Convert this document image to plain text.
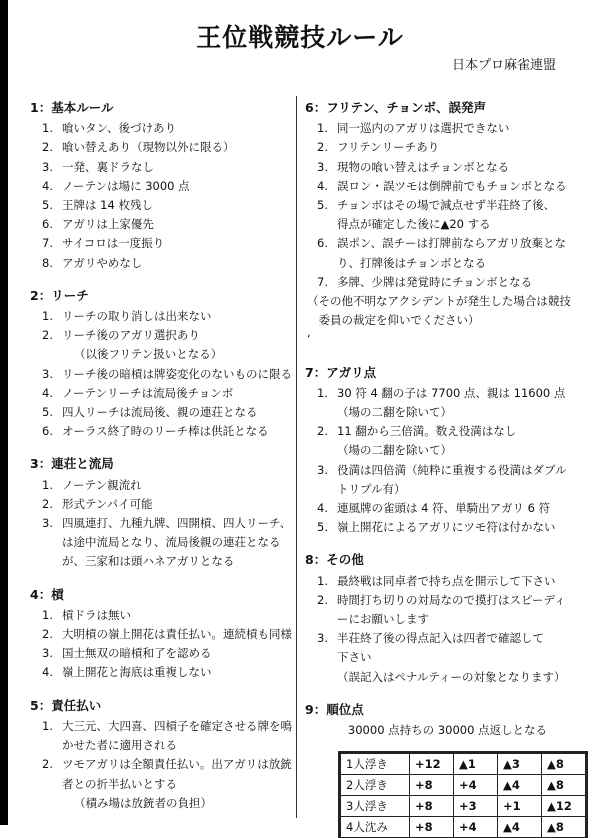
王位戦競技ルール
日本プロ麻雀連盟
1：基本ルール
1. 喰いタン、後づけあり
2. 喰い替えあり（現物以外に限る）
3. 一発、裏ドラなし
4. ノーテンは場に 3000 点
5. 王牌は 14 枚残し
6. アガリは上家優先
7. サイコロは一度振り
8. アガリやめなし
2：リーチ
1. リーチの取り消しは出来ない
2. リーチ後のアガリ選択あり
（以後フリテン扱いとなる）
3. リーチ後の暗槓は牌姿変化のないものに限る
4. ノーテンリーチは流局後チョンボ
5. 四人リーチは流局後、親の連荘となる
6. オーラス終了時のリーチ棒は供託となる
3：連荘と流局
1. ノーテン親流れ
2. 形式テンパイ可能
3. 四風連打、九種九牌、四開槓、四人リーチ、
は途中流局となり、流局後親の連荘となる
が、三家和は頭ハネアガリとなる
4：槓
1. 槓ドラは無い
2. 大明槓の嶺上開花は責任払い。連続槓も同様
3. 国士無双の暗槓和了を認める
4. 嶺上開花と海底は重複しない
5：責任払い
1. 大三元、大四喜、四槓子を確定させる牌を鳴
かせた者に適用される
2. ツモアガリは全額責任払い。出アガリは放銃
者との折半払いとする
（積み場は放銃者の負担）
6：フリテン、チョンボ、誤発声
1. 同一巡内のアガリは選択できない
2. フリテンリーチあり
3. 現物の喰い替えはチョンボとなる
4. 誤ロン・誤ツモは倒牌前でもチョンボとなる
5. チョンボはその場で減点せず半荘終了後、
得点が確定した後に▲20 する
6. 誤ポン、誤チーは打牌前ならアガリ放棄とな
り、打牌後はチョンボとなる
7. 多牌、少牌は発覚時にチョンボとなる
（その他不明なアクシデントが発生した場合は競技
　委員の裁定を仰いでください）
‘
7：アガリ点
1. 30 符 4 翻の子は 7700 点、親は 11600 点
（場の二翻を除いて）
2. 11 翻から三倍満。数え役満はなし
（場の二翻を除いて）
3. 役満は四倍満（純粋に重複する役満はダブル
トリプル有）
4. 連風牌の雀頭は 4 符、単騎出アガリ 6 符
5. 嶺上開花によるアガリにツモ符は付かない
8：その他
1. 最終戦は同卓者で持ち点を開示して下さい
2. 時間打ち切りの対局なので摸打はスピーディ
ーにお願いします
3. 半荘終了後の得点記入は四者で確認して
下さい
（誤記入はペナルティーの対象となります）
9：順位点
30000 点持ちの 30000 点返しとなる
1人浮き	+12	▲1	▲3	▲8
2人浮き	+8	+4	▲4	▲8
3人浮き	+8	+3	+1	▲12
4人沈み	+8	+4	▲4	▲8
